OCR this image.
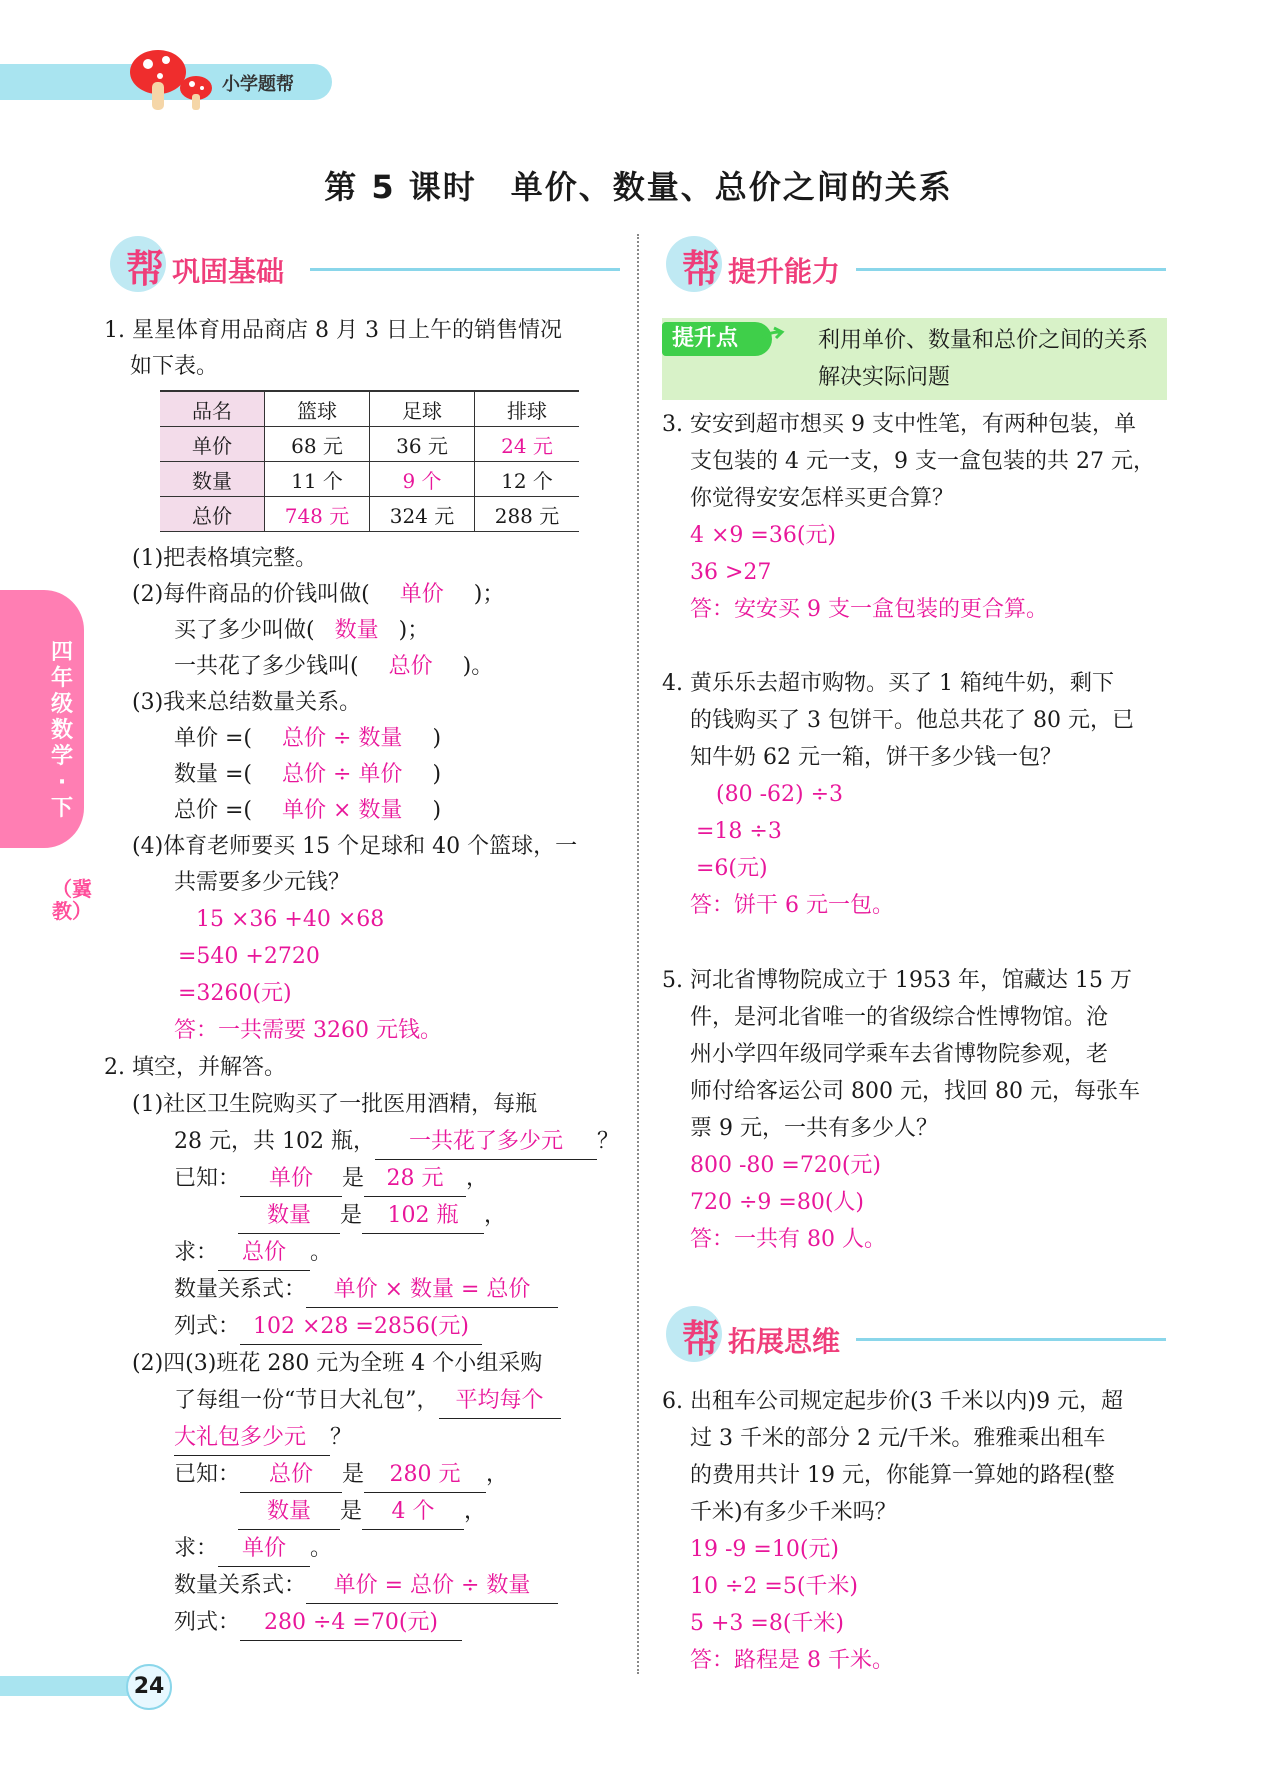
小学题帮
第 5 课时　单价、数量、总价之间的关系
四年级数学·下
（冀教）
帮 巩固基础
1. 星星体育用品商店 8 月 3 日上午的销售情况
如下表。
品名	篮球	足球	排球
单价	68 元	36 元	24 元
数量	11 个	9 个	12 个
总价	748 元	324 元	288 元
(1)把表格填完整。
(2)每件商品的价钱叫做( 单价 )；
买了多少叫做( 数量 )；
一共花了多少钱叫( 总价 )。
(3)我来总结数量关系。
单价 =( 总价 ÷ 数量 )
数量 =( 总价 ÷ 单价 )
总价 =( 单价 × 数量 )
(4)体育老师要买 15 个足球和 40 个篮球，一
共需要多少元钱？
15 ×36 +40 ×68
=540 +2720
=3260(元)
答：一共需要 3260 元钱。
2. 填空，并解答。
(1)社区卫生院购买了一批医用酒精，每瓶
28 元，共 102 瓶， 一共花了多少元 ？
已知： 单价 是 28 元 ，
数量 是 102 瓶 ，
求： 总价 。
数量关系式： 单价 × 数量 = 总价
列式： 102 ×28 =2856(元)
(2)四(3)班花 280 元为全班 4 个小组采购
了每组一份“节日大礼包”， 平均每个
大礼包多少元 ？
已知： 总价 是 280 元 ，
数量 是 4 个 ，
求： 单价 。
数量关系式： 单价 = 总价 ÷ 数量
列式： 280 ÷4 =70(元)
帮 提升能力
提升点	利用单价、数量和总价之间的关系解决实际问题
3. 安安到超市想买 9 支中性笔，有两种包装，单
支包装的 4 元一支，9 支一盒包装的共 27 元，
你觉得安安怎样买更合算？
4 ×9 =36(元)
36 >27
答：安安买 9 支一盒包装的更合算。
4. 黄乐乐去超市购物。买了 1 箱纯牛奶，剩下
的钱购买了 3 包饼干。他总共花了 80 元，已
知牛奶 62 元一箱，饼干多少钱一包？
(80 -62) ÷3
=18 ÷3
=6(元)
答：饼干 6 元一包。
5. 河北省博物院成立于 1953 年，馆藏达 15 万
件，是河北省唯一的省级综合性博物馆。沧
州小学四年级同学乘车去省博物院参观，老
师付给客运公司 800 元，找回 80 元，每张车
票 9 元，一共有多少人？
800 -80 =720(元)
720 ÷9 =80(人)
答：一共有 80 人。
帮 拓展思维
6. 出租车公司规定起步价(3 千米以内)9 元，超
过 3 千米的部分 2 元/千米。雅雅乘出租车
的费用共计 19 元，你能算一算她的路程(整
千米)有多少千米吗？
19 -9 =10(元)
10 ÷2 =5(千米)
5 +3 =8(千米)
答：路程是 8 千米。
24
